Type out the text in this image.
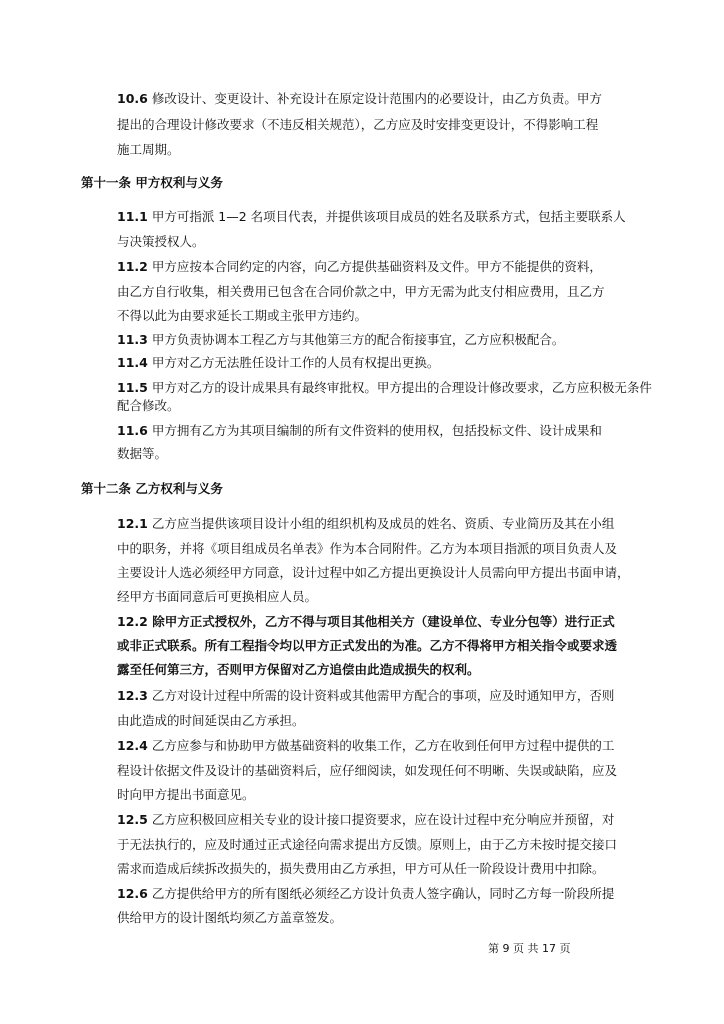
10.6 修改设计、变更设计、补充设计在原定设计范围内的必要设计，由乙方负责。甲方
提出的合理设计修改要求（不违反相关规范），乙方应及时安排变更设计，不得影响工程
施工周期。
第十一条 甲方权利与义务
11.1 甲方可指派 1—2 名项目代表，并提供该项目成员的姓名及联系方式，包括主要联系人
与决策授权人。
11.2 甲方应按本合同约定的内容，向乙方提供基础资料及文件。甲方不能提供的资料，
由乙方自行收集，相关费用已包含在合同价款之中，甲方无需为此支付相应费用，且乙方
不得以此为由要求延长工期或主张甲方违约。
11.3 甲方负责协调本工程乙方与其他第三方的配合衔接事宜，乙方应积极配合。
11.4 甲方对乙方无法胜任设计工作的人员有权提出更换。
11.5 甲方对乙方的设计成果具有最终审批权。甲方提出的合理设计修改要求，乙方应积极无条件
配合修改。
11.6 甲方拥有乙方为其项目编制的所有文件资料的使用权，包括投标文件、设计成果和
数据等。
第十二条 乙方权利与义务
12.1 乙方应当提供该项目设计小组的组织机构及成员的姓名、资质、专业简历及其在小组
中的职务，并将《项目组成员名单表》作为本合同附件。乙方为本项目指派的项目负责人及
主要设计人选必须经甲方同意，设计过程中如乙方提出更换设计人员需向甲方提出书面申请，
经甲方书面同意后可更换相应人员。
12.2 除甲方正式授权外，乙方不得与项目其他相关方（建设单位、专业分包等）进行正式
或非正式联系。所有工程指令均以甲方正式发出的为准。乙方不得将甲方相关指令或要求透
露至任何第三方，否则甲方保留对乙方追偿由此造成损失的权利。
12.3 乙方对设计过程中所需的设计资料或其他需甲方配合的事项，应及时通知甲方，否则
由此造成的时间延误由乙方承担。
12.4 乙方应参与和协助甲方做基础资料的收集工作，乙方在收到任何甲方过程中提供的工
程设计依据文件及设计的基础资料后，应仔细阅读，如发现任何不明晰、失误或缺陷，应及
时向甲方提出书面意见。
12.5 乙方应积极回应相关专业的设计接口提资要求，应在设计过程中充分响应并预留，对
于无法执行的，应及时通过正式途径向需求提出方反馈。原则上，由于乙方未按时提交接口
需求而造成后续拆改损失的，损失费用由乙方承担，甲方可从任一阶段设计费用中扣除。
12.6 乙方提供给甲方的所有图纸必须经乙方设计负责人签字确认，同时乙方每一阶段所提
供给甲方的设计图纸均须乙方盖章签发。
第 9 页 共 17 页
